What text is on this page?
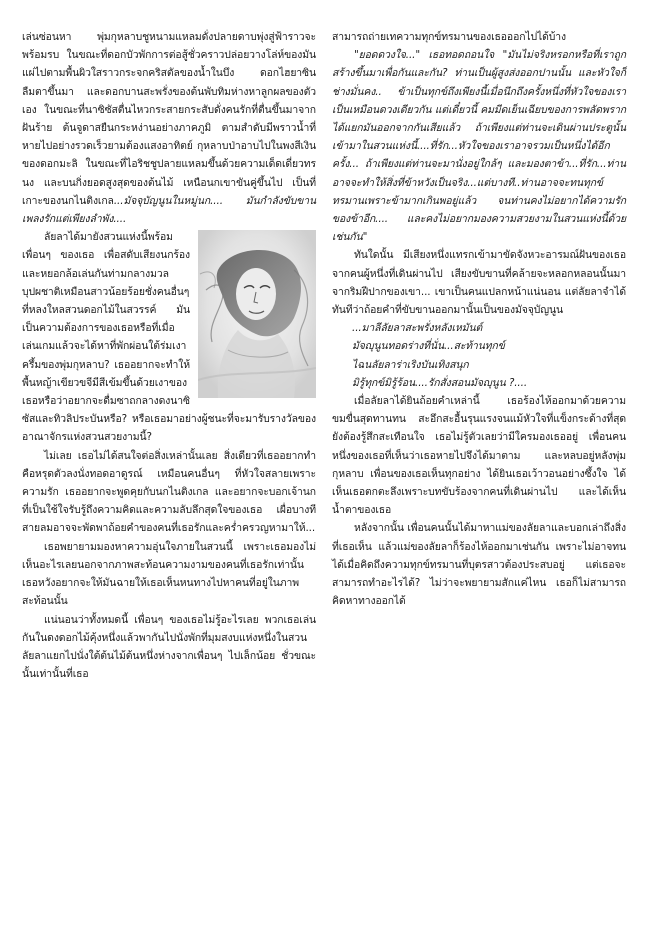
เล่นซ่อนหา พุ่มกุหลาบชูหนามแหลมดั่งปลายดาบพุ่งสู่ฟ้าราวจะพร้อมรบ ในขณะที่ดอกบัวพักการต่อสู้ชั่วคราวปล่อยวางโล่ห์ของมันแผ่ไปตามพื้นผิวใสราวกระจกคริสตัลของน้ำในบึง ดอกไฮยาซินลืมตาขึ้นมา และดอกบานสะพรั่งของต้นพับทิมห่างหาลูกผลของตัวเอง ในขณะที่นาซิซัสตื่นไหวกระสายกระสับดั่งคนรักที่ตื่นขึ้นมาจากฝันร้าย ต้นจูดาสยืนกระหง่านอย่างภาคภูมิ ตามสำดับมีพราวน้ำที่หายไปอย่างรวดเร็วยามต้องแสงอาทิตย์ กุหลาบป่าอาบไปในพงสีเงินของดอกมะลิ ในขณะที่ไอริชชูปลายแหลมขึ้นด้วยความเด็ดเดี่ยวทรนง และบนกิ่งยอดสูงสุดของต้นไม้ เหนือนกเขาขันคู่ขึ้นไป เป็นที่เกาะของนกไนติงเกล...มัจจุบัญนูนในหมู่นก.... มันกำลังขับขานเพลงรักแต่เพียงลำพัง....

ลัยลาได้มายังสวนแห่งนี้พร้อมเพื่อนๆ ของเธอ เพื่อสดับเสียงนกร้องและหยอกล้อเล่นกันท่ามกลางมวลบุปผชาติเหมือนสาวน้อยร้อยชั่งคนอื่นๆ ที่หลงใหลสวนดอกไม้ในสวรรค์ มันเป็นความต้องการของเธอหรือที่เมื่อเล่นเกมแล้วจะได้หาที่พักผ่อนใต้ร่มเงาครึ้มของพุ่มกุหลาบ? เธออยากจะทำให้พื้นหญ้าเขียวขจีมีสีเข้มขึ้นด้วยเงาของเธอหรือว่าอยากจะดื่มซาถกลางดงนาซิซัสและทิวลิประบันหรือ? หรือเธอมาอย่างผู้ชนะที่จะมารับรางวัลของอาณาจักรแห่งสวนสวยงามนี้?

ไม่เลย เธอไม่ได้สนใจต่อสิ่งเหล่านั้นเลย สิ่งเดียวที่เธออยากทำ คือหรุดตัวลงนั่งทอดอาดูรณ์ เหมือนคนอื่นๆ ที่หัวใจสลายเพราะความรัก เธออยากจะพูดคุยกับนกไนติงเกล และอยากจะบอกเจ้านกที่เป็นใช้ใจรับรู้ถึงความคิดและความลับลึกสุดใจของเธอ เผื่อบางทีสายลมอาจจะพัดพาถ้อยคำของคนที่เธอรักและคร่ำครวญหามาให้...

เธอพยายามมองหาความอุ่นใจภายในสวนนี้ เพราะเธอมองไม่เห็นอะไรเลยนอกจากภาพสะท้อนความงามของคนที่เธอรักเท่านั้น เธอหวังอยากจะให้มันฉายให้เธอเห็นหนทางไปหาคนที่อยู่ในภาพสะท้อนนั้น

แน่นอนว่าทั้งหมดนี้ เพื่อนๆ ของเธอไม่รู้อะไรเลย พวกเธอเล่นกันในดงดอกไม้คุ้งหนึ่งแล้วพากันไปนั่งพักที่มุมสงบแห่งหนึ่งในสวน ลัยลาแยกไปนั่งใต้ต้นไม้ต้นหนึ่งห่างจากเพื่อนๆ ไปเล็กน้อย ชั่วขณะนั้นเท่านั้นที่เธอ

สามารถถ่ายเทความทุกข์ทรมานของเธอออกไปได้บ้าง

"ยอดดวงใจ..." เธอทอดถอนใจ "มันไม่จริงหรอกหรือที่เราถูกสร้างขึ้นมาเพื่อกันและกัน? ท่านเป็นผู้สูงส่งออกปานนั้น และหัวใจก็ช่างมั่นคง.. ข้าเป็นทุกข์ถึงเพียงนี้เมื่อนึกถึงครั้งหนึ่งที่หัวใจของเราเป็นเหมือนดวงเดียวกัน แต่เดี๋ยวนี้ คมมีดเย็นเฉียบของการพลัดพรากได้แยกมันออกจากกันเสียแล้ว ถ้าเพียงแต่ท่านจะเดินผ่านประตูนั้นเข้ามาในสวนแห่งนี้....ที่รัก...หัวใจของเราอาจรวมเป็นหนึ่งได้อีกครั้ง... ถ้าเพียงแต่ท่านจะมานั่งอยู่ใกล้ๆ และมองตาข้า...ที่รัก...ท่านอาจจะทำให้สิ่งที่ข้าหวังเป็นจริง...แต่บางที..ท่านอาจจะทนทุกข์ทรมานเพราะข้ามากเกินพอยู่แล้ว จนท่านคงไม่อยากได้ความรักของข้าอีก.... และคงไม่อยากมองความสวยงามในสวนแห่งนี้ด้วยเช่นกัน"

ทันใดนั้น มีเสียงหนึ่งแทรกเข้ามาขัดจังหวะอารมณ์ฝันของเธอ จากคนผู้หนึ่งที่เดินผ่านไป เสียงขับขานที่คล้ายจะหลอกหลอนนั้นมาจากริมฝีปากของเขา... เขาเป็นคนแปลกหน้าแน่นอน แต่ลัยลาจำได้ทันทีว่าถ้อยคำที่ขับขานออกมานั้นเป็นของมัจจุบัญนูน

...มาลีลัยลาสะพรั่งหลังเหมันต์

มัจญุนูนทอดร่างที่นั่น...สะท้านทุกข์

ไฉนลัยลาร่าเริงบันเทิงสนุก

มิรู้ทุกข์มิรู้ร้อน....รักสั่งสอนมัจญุนูน ?....

เมื่อลัยลาได้ยินถ้อยคำเหล่านี้ เธอร้องไห้ออกมาด้วยความขมขื่นสุดทานทน สะอึกสะอื้นรุนแรงจนแม้หัวใจที่แข็งกระด้างที่สุดยังต้องรู้สึกสะเทือนใจ เธอไม่รู้ตัวเลยว่ามีใครมองเธออยู่ เพื่อนคนหนึ่งของเธอที่เห็นว่าเธอหายไปจึงได้มาตาม และหลบอยู่หลังพุ่มกุหลาบ เพื่อนของเธอเห็นทุกอย่าง ได้ยินเธอเว้าวอนอย่างซึ้งใจ ได้เห็นเธอตกตะลึงเพราะบทขับร้องจากคนที่เดินผ่านไป และได้เห็นน้ำตาของเธอ

หลังจากนั้น เพื่อนคนนั้นได้มาหาแม่ของลัยลาและบอกเล่าถึงสิ่งที่เธอเห็น แล้วแม่ของลัยลาก็ร้องไห้ออกมาเช่นกัน เพราะไม่อาจทนได้เมื่อคิดถึงความทุกข์ทรมานที่บุตรสาวต้องประสบอยู่ แต่เธอจะสามารถทำอะไรได้? ไม่ว่าจะพยายามสักแค่ไหน เธอก็ไม่สามารถคิดหาทางออกได้
